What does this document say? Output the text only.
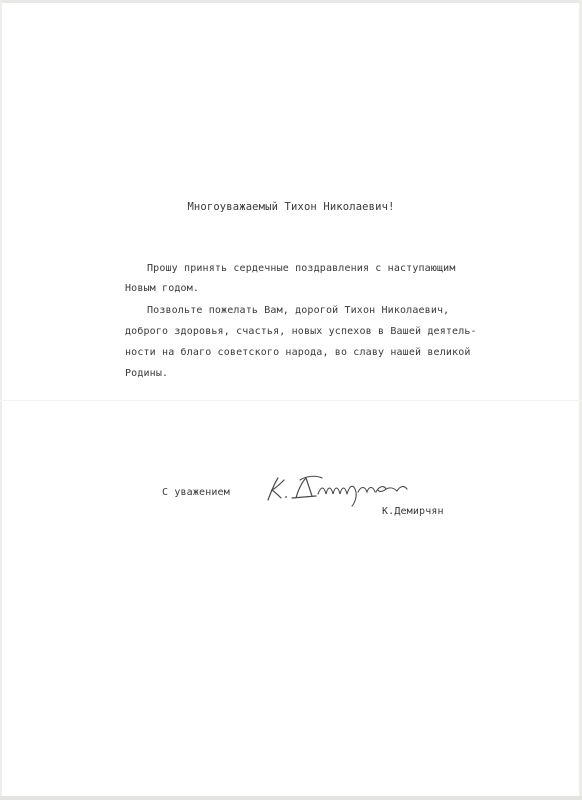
Многоуважаемый Тихон Николаевич!
Прошу принять сердечные поздравления с наступающим
Новым годом.
Позвольте пожелать Вам, дорогой Тихон Николаевич,
доброго здоровья, счастья, новых успехов в Вашей деятель-
ности на благо советского народа, во славу нашей великой
Родины.
С уважением
К.Демирчян
